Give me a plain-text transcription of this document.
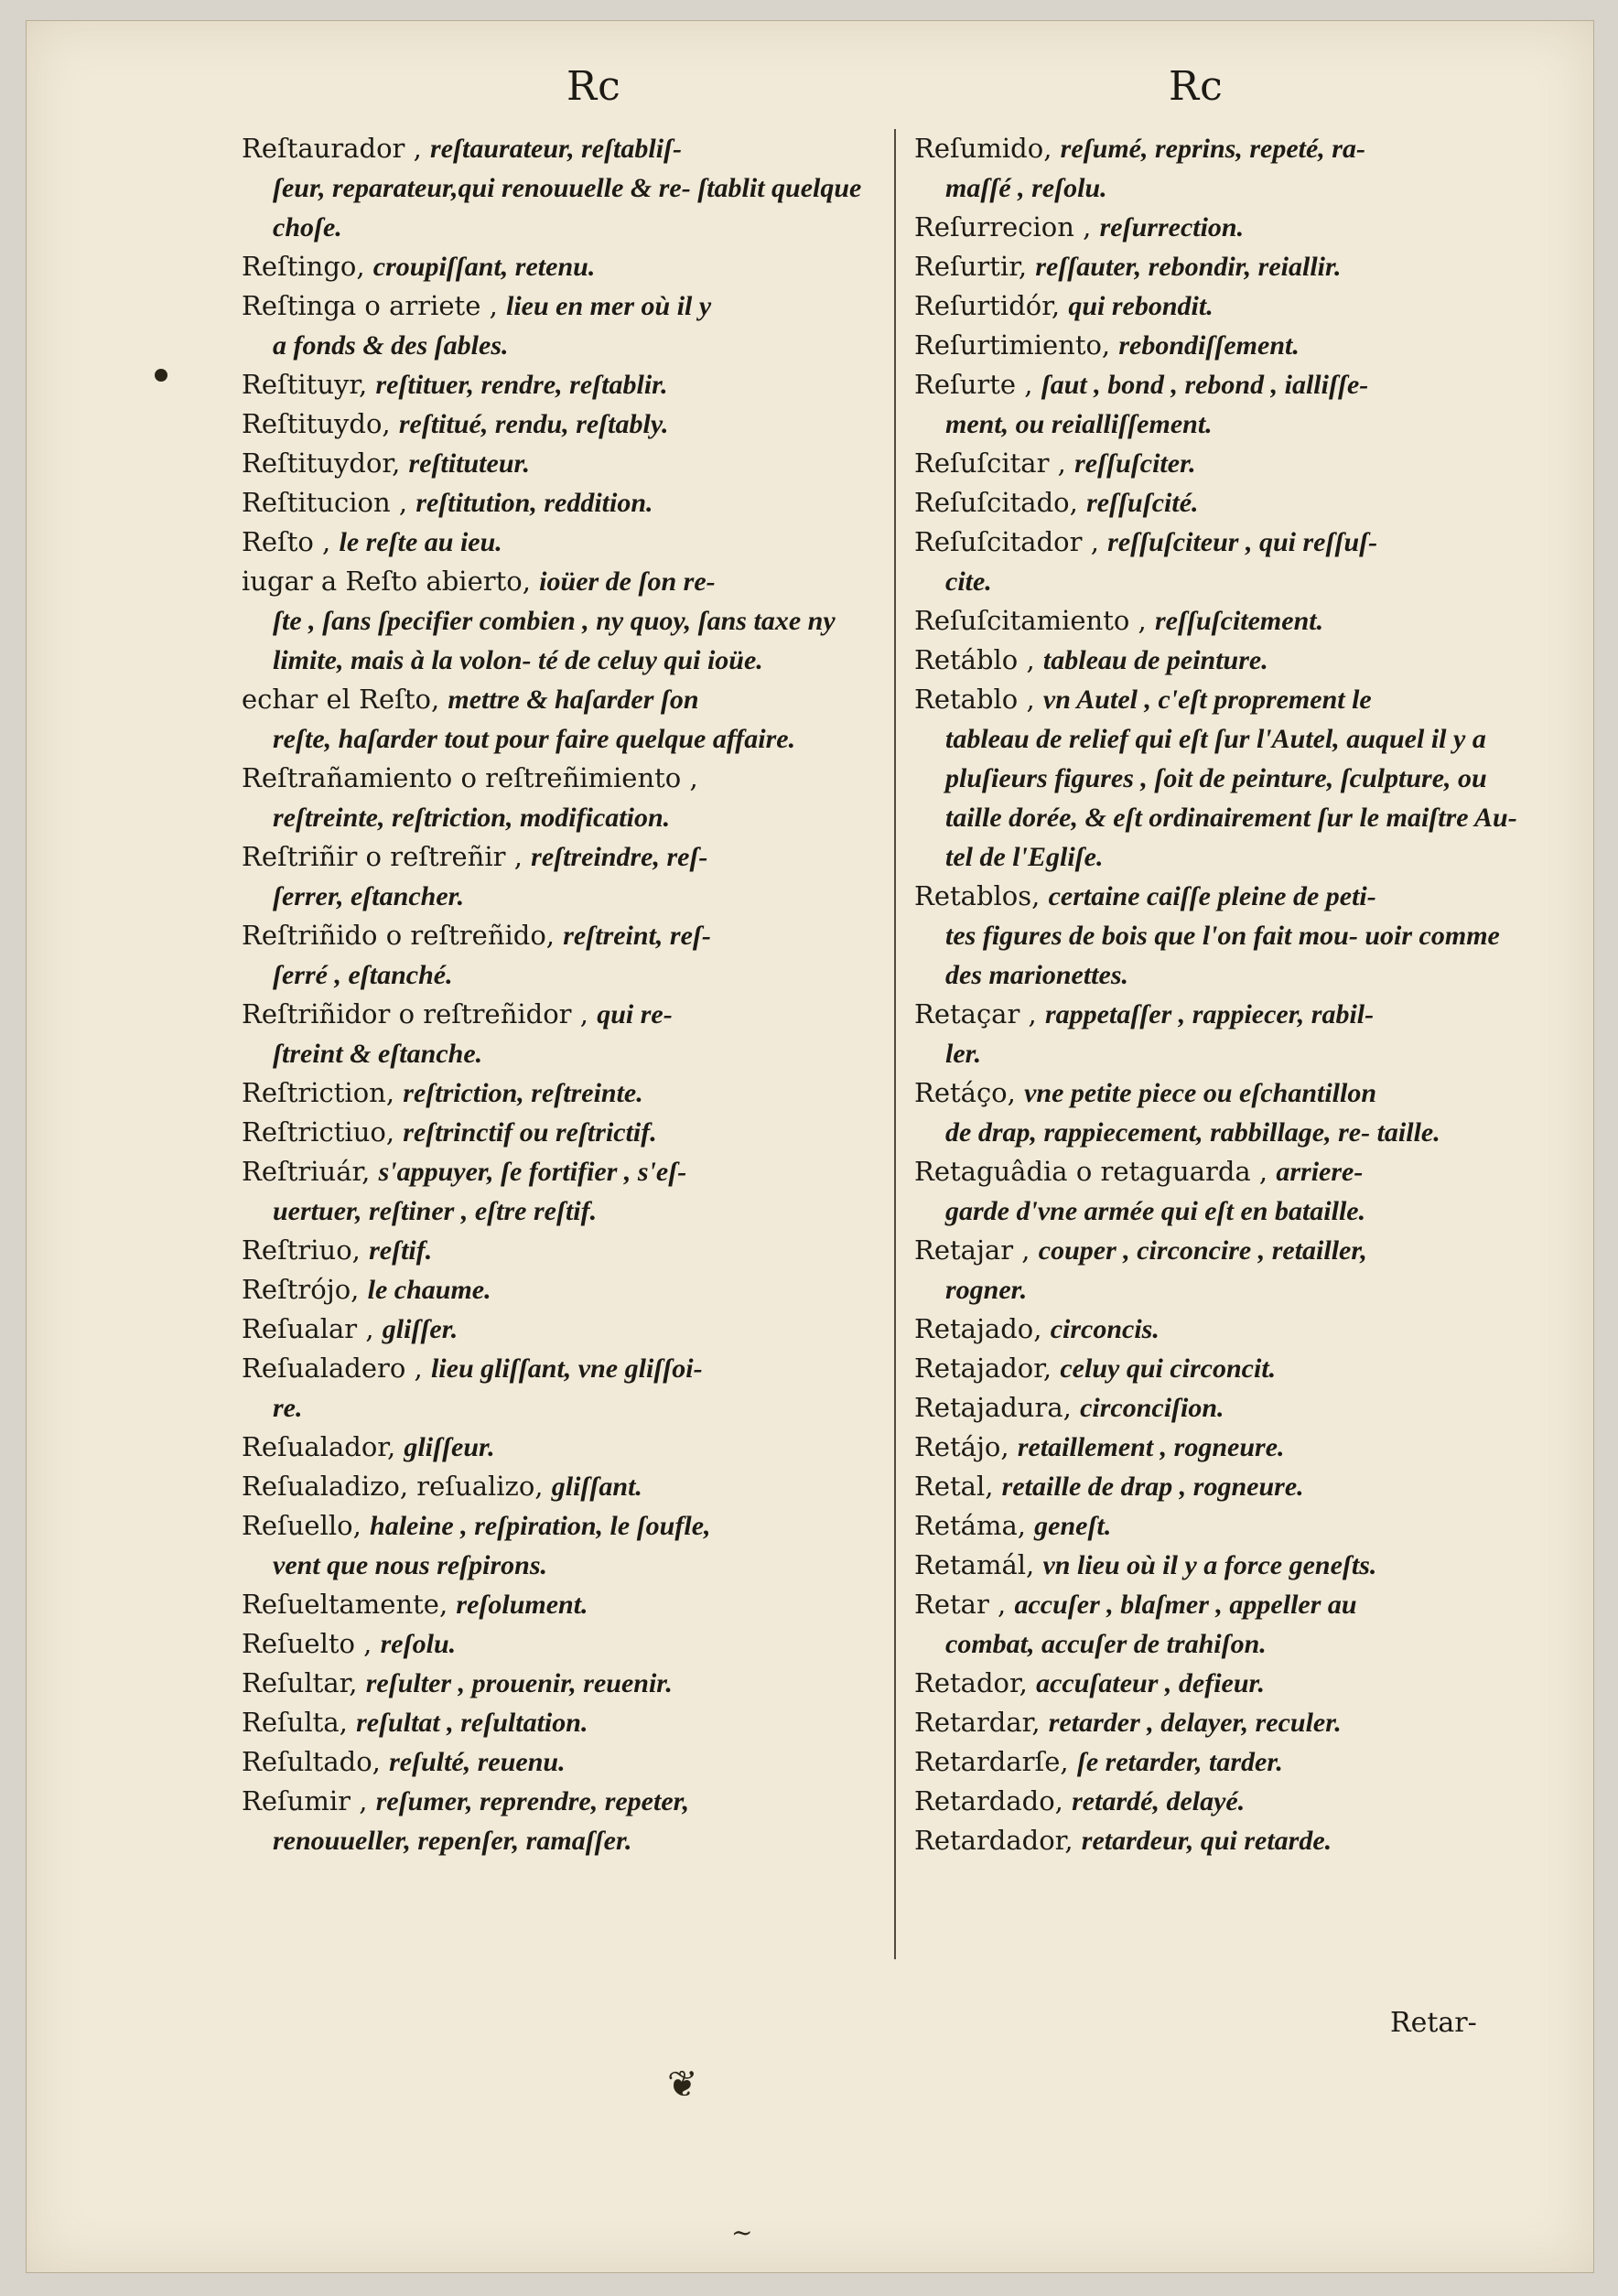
Rc	Rc

Reſtaurador , reſtaurateur, reſtabliſ-
ſeur, reparateur,qui renouuelle & re- ſtablit quelque choſe.

Reſtingo, croupiſſant, retenu.

Reſtinga o arriete , lieu en mer où il y
a fonds & des ſables.

Reſtituyr, reſtituer, rendre, reſtablir.

Reſtituydo, reſtitué, rendu, reſtably.

Reſtituydor, reſtituteur.

Reſtitucion , reſtitution, reddition.

Reſto , le reſte au ieu.

iugar a Reſto abierto, ioüer de ſon re-
ſte , ſans ſpecifier combien , ny quoy, ſans taxe ny limite, mais à la volon- té de celuy qui ioüe.

echar el Reſto, mettre & haſarder ſon
reſte, haſarder tout pour faire quelque affaire.

Reſtrañamiento o reſtreñimiento ,
reſtreinte, reſtriction, modification.

Reſtriñir o reſtreñir , reſtreindre, reſ-
ſerrer, eſtancher.

Reſtriñido o reſtreñido, reſtreint, reſ-
ſerré , eſtanché.

Reſtriñidor o reſtreñidor , qui re-
ſtreint & eſtanche.

Reſtriction, reſtriction, reſtreinte.

Reſtrictiuo, reſtrinctif ou reſtrictif.

Reſtriuár, s'appuyer, ſe fortifier , s'eſ-
uertuer, reſtiner , eſtre reſtif.

Reſtriuo, reſtif.

Reſtrójo, le chaume.

Reſualar , gliſſer.

Reſualadero , lieu gliſſant, vne gliſſoi-
re.

Reſualador, gliſſeur.

Reſualadizo, reſualizo, gliſſant.

Reſuello, haleine , reſpiration, le ſoufle,
vent que nous reſpirons.

Reſueltamente, reſolument.

Reſuelto , reſolu.

Reſultar, reſulter , prouenir, reuenir.

Reſulta, reſultat , reſultation.

Reſultado, reſulté, reuenu.

Reſumir , reſumer, reprendre, repeter,
renouueller, repenſer, ramaſſer.

Reſumido, reſumé, reprins, repeté, ra-
maſſé , reſolu.

Reſurrecion , reſurrection.

Reſurtir, reſſauter, rebondir, reiallir.

Reſurtidór, qui rebondit.

Reſurtimiento, rebondiſſement.

Reſurte , ſaut , bond , rebond , ialliſſe-
ment, ou reialliſſement.

Reſuſcitar , reſſuſciter.

Reſuſcitado, reſſuſcité.

Reſuſcitador , reſſuſciteur , qui reſſuſ-
cite.

Reſuſcitamiento , reſſuſcitement.

Retáblo , tableau de peinture.

Retablo , vn Autel , c'eſt proprement le
tableau de relief qui eſt ſur l'Autel, auquel il y a pluſieurs figures , ſoit de peinture, ſculpture, ou taille dorée, & eſt ordinairement ſur le maiſtre Au- tel de l'Egliſe.

Retablos, certaine caiſſe pleine de peti-
tes figures de bois que l'on fait mou- uoir comme des marionettes.

Retaçar , rappetaſſer , rappiecer, rabil-
ler.

Retáço, vne petite piece ou eſchantillon
de drap, rappiecement, rabbillage, re- taille.

Retaguâdia o retaguarda , arriere-
garde d'vne armée qui eſt en bataille.

Retajar , couper , circoncire , retailler,
rogner.

Retajado, circoncis.

Retajador, celuy qui circoncit.

Retajadura, circonciſion.

Retájo, retaillement , rogneure.

Retal, retaille de drap , rogneure.

Retáma, geneſt.

Retamál, vn lieu où il y a force geneſts.

Retar , accuſer , blaſmer , appeller au
combat, accuſer de trahiſon.

Retador, accuſateur , defieur.

Retardar, retarder , delayer, reculer.

Retardarſe, ſe retarder, tarder.

Retardado, retardé, delayé.

Retardador, retardeur, qui retarde.

Retar-
❦
~
